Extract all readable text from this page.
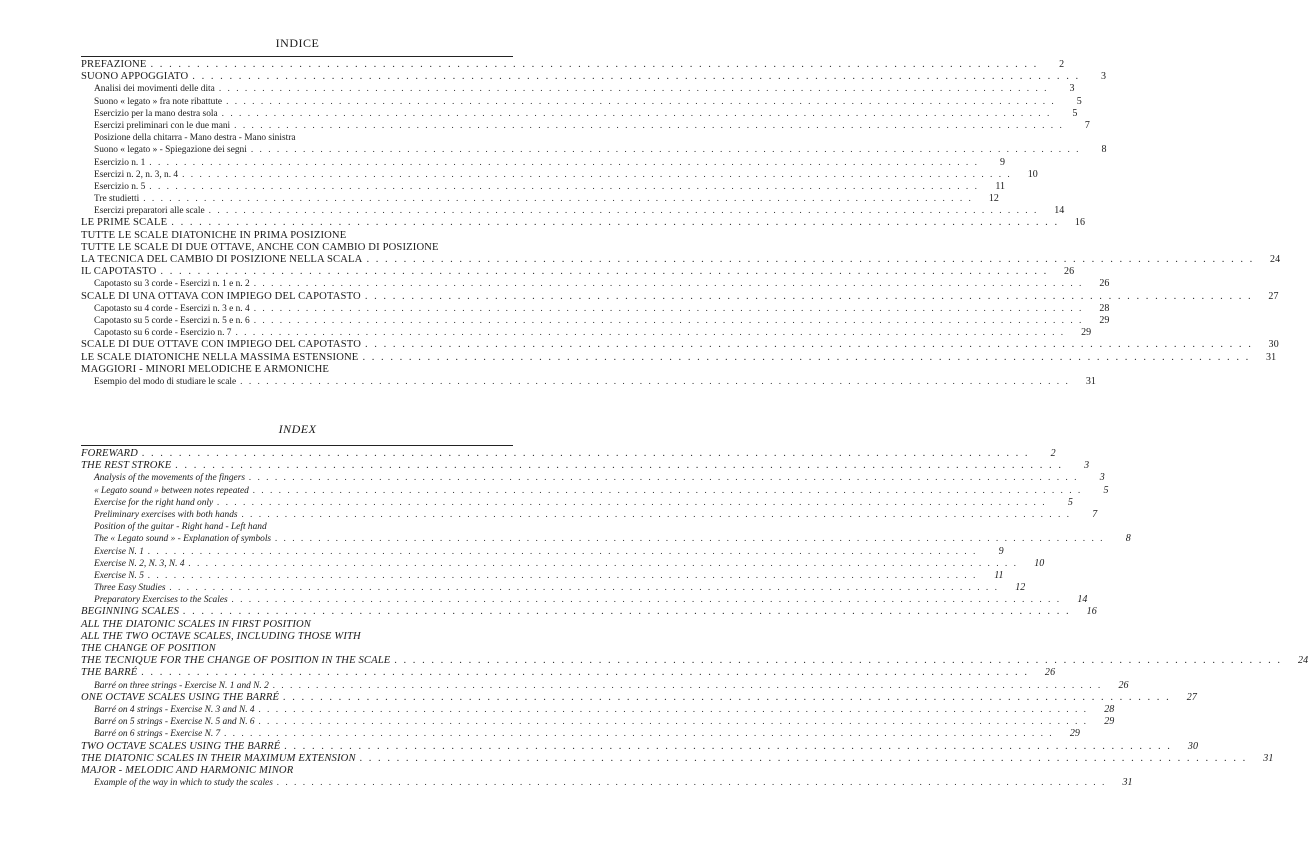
INDICE
PREFAZIONE . . .	2
SUONO APPOGGIATO . . .	3
Analisi dei movimenti delle dita . . .	3
Suono « legato » fra note ribattute . . .	5
Esercizio per la mano destra sola . . .	5
Esercizi preliminari con le due mani . . .	7
Posizione della chitarra - Mano destra - Mano sinistra
Suono « legato » - Spiegazione dei segni . . .	8
Esercizio n. 1 . . .	9
Esercizi n. 2, n. 3, n. 4 . . .	10
Esercizio n. 5 . . .	11
Tre studietti . . .	12
Esercizi preparatori alle scale . . .	14
LE PRIME SCALE . . .	16
TUTTE LE SCALE DIATONICHE IN PRIMA POSIZIONE
TUTTE LE SCALE DI DUE OTTAVE, ANCHE CON CAMBIO DI POSIZIONE
LA TECNICA DEL CAMBIO DI POSIZIONE NELLA SCALA . . .	24
IL CAPOTASTO . . .	26
Capotasto su 3 corde - Esercizi n. 1 e n. 2 . . .	26
SCALE DI UNA OTTAVA CON IMPIEGO DEL CAPOTASTO . . .	27
Capotasto su 4 corde - Esercizi n. 3 e n. 4 . . .	28
Capotasto su 5 corde - Esercizi n. 5 e n. 6 . . .	29
Capotasto su 6 corde - Esercizio n. 7 . . .	29
SCALE DI DUE OTTAVE CON IMPIEGO DEL CAPOTASTO . . .	30
LE SCALE DIATONICHE NELLA MASSIMA ESTENSIONE . . .	31
MAGGIORI - MINORI MELODICHE E ARMONICHE
Esempio del modo di studiare le scale . . .	31
INDEX
FOREWARD . . .	2
THE REST STROKE . . .	3
Analysis of the movements of the fingers . . .	3
« Legato sound » between notes repeated . . .	5
Exercise for the right hand only . . .	5
Preliminary exercises with both hands . . .	7
Position of the guitar - Right hand - Left hand
The « Legato sound » - Explanation of symbols . . .	8
Exercise N. 1 . . .	9
Exercise N. 2, N. 3, N. 4 . . .	10
Exercise N. 5 . . .	11
Three Easy Studies . . .	12
Preparatory Exercises to the Scales . . .	14
BEGINNING SCALES . . .	16
ALL THE DIATONIC SCALES IN FIRST POSITION
ALL THE TWO OCTAVE SCALES, INCLUDING THOSE WITH
THE CHANGE OF POSITION
THE TECNIQUE FOR THE CHANGE OF POSITION IN THE SCALE . . .	24
THE BARRÉ . . .	26
Barré on three strings - Exercise N. 1 and N. 2 . . .	26
ONE OCTAVE SCALES USING THE BARRÉ . . .	27
Barré on 4 strings - Exercise N. 3 and N. 4 . . .	28
Barré on 5 strings - Exercise N. 5 and N. 6 . . .	29
Barré on 6 strings - Exercise N. 7 . . .	29
TWO OCTAVE SCALES USING THE BARRÉ . . .	30
THE DIATONIC SCALES IN THEIR MAXIMUM EXTENSION . . .	31
MAJOR - MELODIC AND HARMONIC MINOR
Example of the way in which to study the scales . . .	31
